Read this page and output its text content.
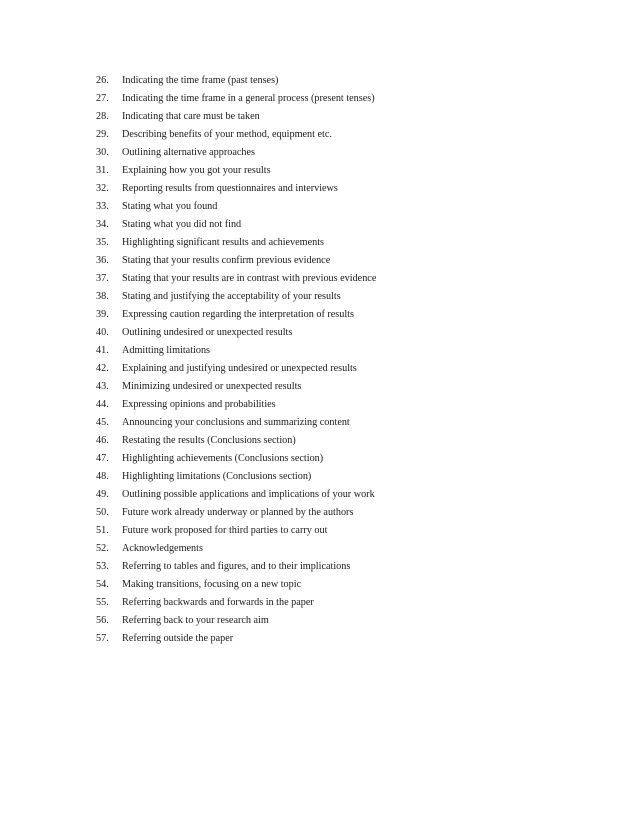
26.	Indicating the time frame (past tenses)
27.	Indicating the time frame in a general process (present tenses)
28.	Indicating that care must be taken
29.	Describing benefits of your method, equipment etc.
30.	Outlining alternative approaches
31.	Explaining how you got your results
32.	Reporting results from questionnaires and interviews
33.	Stating what you found
34.	Stating what you did not find
35.	Highlighting significant results and achievements
36.	Stating that your results confirm previous evidence
37.	Stating that your results are in contrast with previous evidence
38.	Stating and justifying the acceptability of your results
39.	Expressing caution regarding the interpretation of results
40.	Outlining undesired or unexpected results
41.	Admitting limitations
42.	Explaining and justifying undesired or unexpected results
43.	Minimizing undesired or unexpected results
44.	Expressing opinions and probabilities
45.	Announcing your conclusions and summarizing content
46.	Restating the results (Conclusions section)
47.	Highlighting achievements (Conclusions section)
48.	Highlighting limitations (Conclusions section)
49.	Outlining possible applications and implications of your work
50.	Future work already underway or planned by the authors
51.	Future work proposed for third parties to carry out
52.	Acknowledgements
53.	Referring to tables and figures, and to their implications
54.	Making transitions, focusing on a new topic
55.	Referring backwards and forwards in the paper
56.	Referring back to your research aim
57.	Referring outside the paper
